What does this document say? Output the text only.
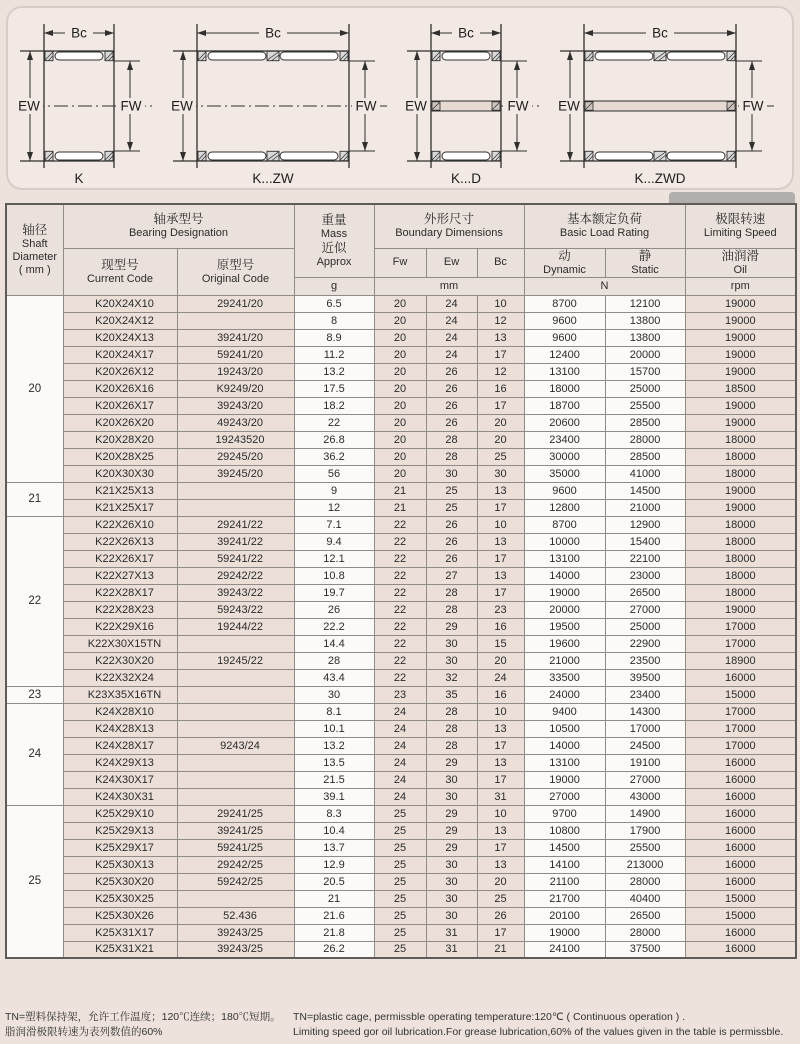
EW	FW
Bc
K
EW	FW
Bc
K...ZW
EW	FW
Bc
K...D
EW	FW
Bc
K...ZWD
轴径
Shaft
Diameter
( mm )

轴承型号
Bearing Designation

重量
Mass
近似
Approx

外形尺寸
Boundary Dimensions

基本额定负荷
Basic Load Rating

极限转速
Limiting Speed

现型号
Current Code

原型号
Original Code
	Fw	Ew	Bc	动
Dynamic

静
Static

油润滑
Oil

			g	mm			N		rpm
20	K20X24X10	29241/20	6.5	20	24	10	8700	12100	19000
	K20X24X12		8	20	24	12	9600	13800	19000
	K20X24X13	39241/20	8.9	20	24	13	9600	13800	19000
	K20X24X17	59241/20	11.2	20	24	17	12400	20000	19000
	K20X26X12	19243/20	13.2	20	26	12	13100	15700	19000
	K20X26X16	K9249/20	17.5	20	26	16	18000	25000	18500
	K20X26X17	39243/20	18.2	20	26	17	18700	25500	19000
	K20X26X20	49243/20	22	20	26	20	20600	28500	19000
	K20X28X20	19243520	26.8	20	28	20	23400	28000	18000
	K20X28X25	29245/20	36.2	20	28	25	30000	28500	18000
	K20X30X30	39245/20	56	20	30	30	35000	41000	18000
21	K21X25X13		9	21	25	13	9600	14500	19000
	K21X25X17		12	21	25	17	12800	21000	19000
22	K22X26X10	29241/22	7.1	22	26	10	8700	12900	18000
	K22X26X13	39241/22	9.4	22	26	13	10000	15400	18000
	K22X26X17	59241/22	12.1	22	26	17	13100	22100	18000
	K22X27X13	29242/22	10.8	22	27	13	14000	23000	18000
	K22X28X17	39243/22	19.7	22	28	17	19000	26500	18000
	K22X28X23	59243/22	26	22	28	23	20000	27000	19000
	K22X29X16	19244/22	22.2	22	29	16	19500	25000	17000
	K22X30X15TN		14.4	22	30	15	19600	22900	17000
	K22X30X20	19245/22	28	22	30	20	21000	23500	18900
	K22X32X24		43.4	22	32	24	33500	39500	16000
23	K23X35X16TN		30	23	35	16	24000	23400	15000
24	K24X28X10		8.1	24	28	10	9400	14300	17000
	K24X28X13		10.1	24	28	13	10500	17000	17000
	K24X28X17	9243/24	13.2	24	28	17	14000	24500	17000
	K24X29X13		13.5	24	29	13	13100	19100	16000
	K24X30X17		21.5	24	30	17	19000	27000	16000
	K24X30X31		39.1	24	30	31	27000	43000	16000
25	K25X29X10	29241/25	8.3	25	29	10	9700	14900	16000
	K25X29X13	39241/25	10.4	25	29	13	10800	17900	16000
	K25X29X17	59241/25	13.7	25	29	17	14500	25500	16000
	K25X30X13	29242/25	12.9	25	30	13	14100	213000	16000
	K25X30X20	59242/25	20.5	25	30	20	21100	28000	16000
	K25X30X25		21	25	30	25	21700	40400	15000
	K25X30X26	52.436	21.6	25	30	26	20100	26500	15000
	K25X31X17	39243/25	21.8	25	31	17	19000	28000	16000
	K25X31X21	39243/25	26.2	25	31	21	24100	37500	16000
TN=塑料保持架，允许工作温度；120℃连续；180℃短期。
脂润滑极限转速为表列数值的60%
TN=plastic cage, permissble operating temperature:120℃ ( Continuous operation ) .
Limiting speed gor oil lubrication.For grease lubrication,60% of the values given in the table is permissble.
